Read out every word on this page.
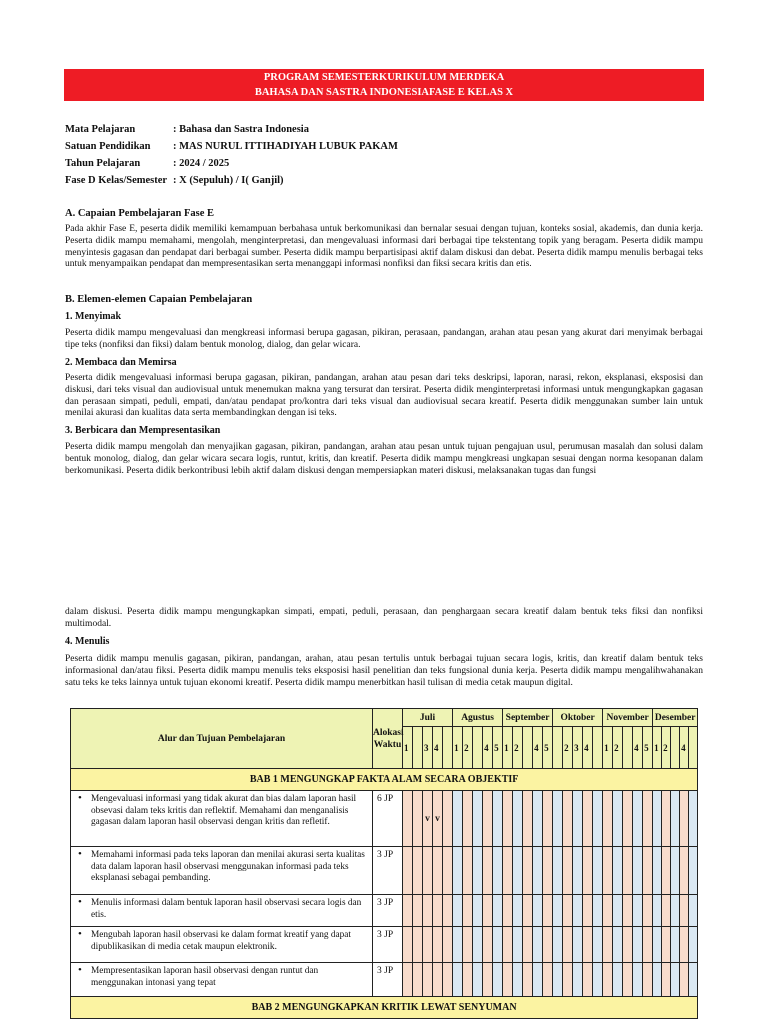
PROGRAM SEMESTERKURIKULUM MERDEKA
BAHASA DAN SASTRA INDONESIAFASE E KELAS X
Mata Pelajaran	: Bahasa dan Sastra Indonesia
Satuan Pendidikan	: MAS NURUL ITTIHADIYAH LUBUK PAKAM
Tahun Pelajaran	: 2024 / 2025
Fase D Kelas/Semester : X (Sepuluh) / I( Ganjil)
A. Capaian Pembelajaran Fase E
Pada akhir Fase E, peserta didik memiliki kemampuan berbahasa untuk berkomunikasi dan bernalar sesuai dengan tujuan, konteks sosial, akademis, dan dunia kerja. Peserta didik mampu memahami, mengolah, menginterpretasi, dan mengevaluasi informasi dari berbagai tipe tekstentang topik yang beragam. Peserta didik mampu menyintesis gagasan dan pendapat dari berbagai sumber. Peserta didik mampu berpartisipasi aktif dalam diskusi dan debat. Peserta didik mampu menulis berbagai teks untuk menyampaikan pendapat dan mempresentasikan serta menanggapi informasi nonfiksi dan fiksi secara kritis dan etis.
B. Elemen-elemen Capaian Pembelajaran
1. Menyimak
Peserta didik mampu mengevaluasi dan mengkreasi informasi berupa gagasan, pikiran, perasaan, pandangan, arahan atau pesan yang akurat dari menyimak berbagai tipe teks (nonfiksi dan fiksi) dalam bentuk monolog, dialog, dan gelar wicara.
2. Membaca dan Memirsa
Peserta didik mengevaluasi informasi berupa gagasan, pikiran, pandangan, arahan atau pesan dari teks deskripsi, laporan, narasi, rekon, eksplanasi, eksposisi dan diskusi, dari teks visual dan audiovisual untuk menemukan makna yang tersurat dan tersirat. Peserta didik menginterpretasi informasi untuk mengungkapkan gagasan dan perasaan simpati, peduli, empati, dan/atau pendapat pro/kontra dari teks visual dan audiovisual secara kreatif. Peserta didik menggunakan sumber lain untuk menilai akurasi dan kualitas data serta membandingkan dengan isi teks.
3. Berbicara dan Mempresentasikan
Peserta didik mampu mengolah dan menyajikan gagasan, pikiran, pandangan, arahan atau pesan untuk tujuan pengajuan usul, perumusan masalah dan solusi dalam bentuk monolog, dialog, dan gelar wicara secara logis, runtut, kritis, dan kreatif. Peserta didik mampu mengkreasi ungkapan sesuai dengan norma kesopanan dalam berkomunikasi. Peserta didik berkontribusi lebih aktif dalam diskusi dengan mempersiapkan materi diskusi, melaksanakan tugas dan fungsi
dalam diskusi. Peserta didik mampu mengungkapkan simpati, empati, peduli, perasaan, dan penghargaan secara kreatif dalam bentuk teks fiksi dan nonfiksi multimodal.
4. Menulis
Peserta didik mampu menulis gagasan, pikiran, pandangan, arahan, atau pesan tertulis untuk berbagai tujuan secara logis, kritis, dan kreatif dalam bentuk teks informasional dan/atau fiksi. Peserta didik mampu menulis teks eksposisi hasil penelitian dan teks fungsional dunia kerja. Peserta didik mampu mengalihwahanakan satu teks ke teks lainnya untuk tujuan ekonomi kreatif. Peserta didik mampu menerbitkan hasil tulisan di media cetak maupun digital.
Alur dan Tujuan Pembelajaran	Alokasi Waktu	Juli					Agustus					September					Oktober					November					Desember				
		1		3	4		1	2		4	5	1	2		4	5		2	3	4		1	2		4	5	1	2		4	
BAB 1 MENGUNGKAP FAKTA ALAM SECARA OBJEKTIF																															
• Mengevaluasi informasi yang tidak akurat dan bias dalam laporan hasil obsevasi dalam teks kritis dan reflektif. Memahami dan menganalisis gagasan dalam laporan hasil observasi dengan kritis dan refletif.	6 JP			v	v																										
• Memahami informasi pada teks laporan dan menilai akurasi serta kualitas data dalam laporan hasil observasi menggunakan informasi pada teks eksplanasi sebagai pembanding.	3 JP																														
• Menulis informasi dalam bentuk laporan hasil observasi secara logis dan etis.	3 JP																														
• Mengubah laporan hasil observasi ke dalam format kreatif yang dapat dipublikasikan di media cetak maupun elektronik.	3 JP																														
• Mempresentasikan laporan hasil observasi dengan runtut dan menggunakan intonasi yang tepat	3 JP																														
BAB 2 MENGUNGKAPKAN KRITIK LEWAT SENYUMAN																															
